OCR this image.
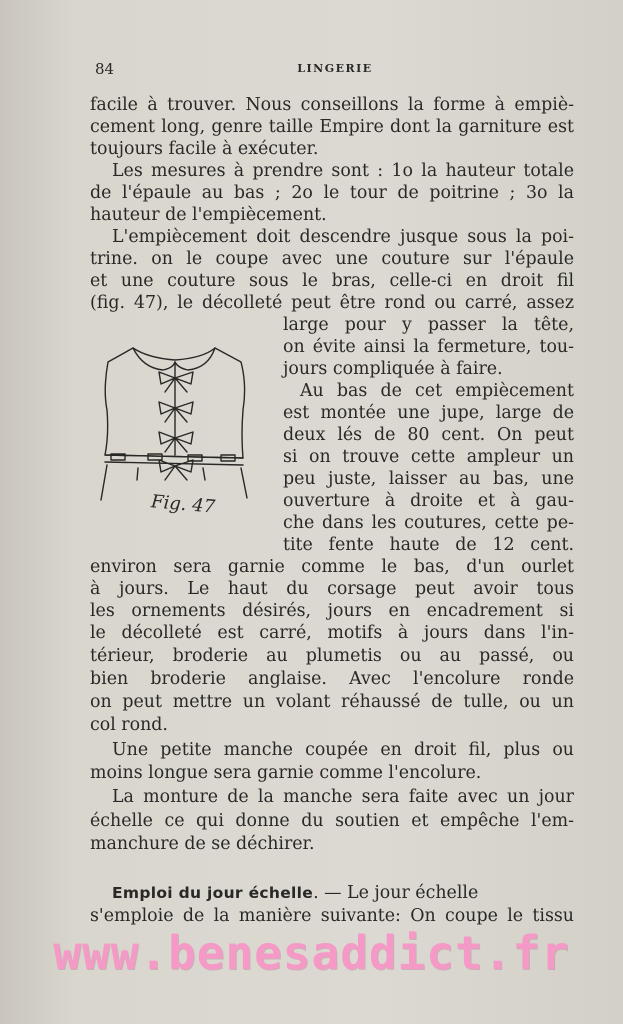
84	LINGERIE
facile à trouver. Nous conseillons la forme à empiè-
cement long, genre taille Empire dont la garniture est
toujours facile à exécuter.
Les mesures à prendre sont : 1o la hauteur totale
de l'épaule au bas ; 2o le tour de poitrine ; 3o la
hauteur de l'empiècement.
L'empiècement doit descendre jusque sous la poi-
trine. on le coupe avec une couture sur l'épaule
et une couture sous le bras, celle-ci en droit fil
(fig. 47), le décolleté peut être rond ou carré, assez
large pour y passer la tête,
on évite ainsi la fermeture, tou-
jours compliquée à faire.
Au bas de cet empiècement
est montée une jupe, large de
deux lés de 80 cent. On peut
si on trouve cette ampleur un
peu juste, laisser au bas, une
ouverture à droite et à gau-
che dans les coutures, cette pe-
tite fente haute de 12 cent.
environ sera garnie comme le bas, d'un ourlet
à jours. Le haut du corsage peut avoir tous
les ornements désirés, jours en encadrement si
le décolleté est carré, motifs à jours dans l'in-
térieur, broderie au plumetis ou au passé, ou
bien broderie anglaise. Avec l'encolure ronde
on peut mettre un volant réhaussé de tulle, ou un
col rond.
Une petite manche coupée en droit fil, plus ou
moins longue sera garnie comme l'encolure.
La monture de la manche sera faite avec un jour
échelle ce qui donne du soutien et empêche l'em-
manchure de se déchirer.
Emploi du jour échelle. — Le jour échelle
s'emploie de la manière suivante: On coupe le tissu
Fig. 47
www.benesaddict.fr
